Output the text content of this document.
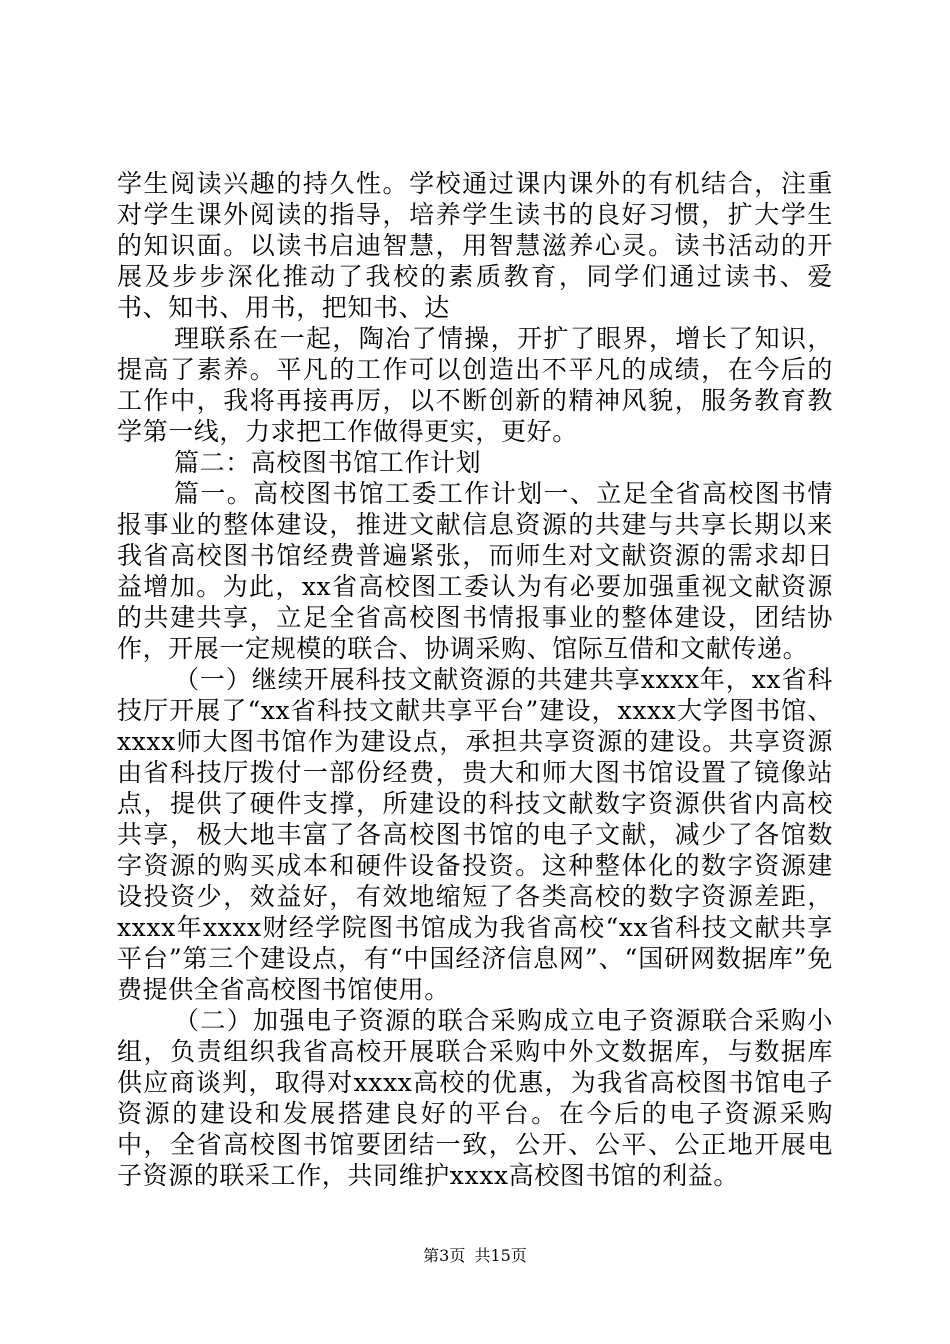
学生阅读兴趣的持久性。学校通过课内课外的有机结合，注重对学生课外阅读的指导，培养学生读书的良好习惯，扩大学生的知识面。以读书启迪智慧，用智慧滋养心灵。读书活动的开展及步步深化推动了我校的素质教育，同学们通过读书、爱书、知书、用书，把知书、达

理联系在一起，陶冶了情操，开扩了眼界，增长了知识，提高了素养。平凡的工作可以创造出不平凡的成绩，在今后的工作中，我将再接再厉，以不断创新的精神风貌，服务教育教学第一线，力求把工作做得更实，更好。

篇二：高校图书馆工作计划

篇一。高校图书馆工委工作计划一、立足全省高校图书情报事业的整体建设，推进文献信息资源的共建与共享长期以来我省高校图书馆经费普遍紧张，而师生对文献资源的需求却日益增加。为此，xx省高校图工委认为有必要加强重视文献资源的共建共享，立足全省高校图书情报事业的整体建设，团结协作，开展一定规模的联合、协调采购、馆际互借和文献传递。

（一）继续开展科技文献资源的共建共享xxxx年，xx省科技厅开展了“xx省科技文献共享平台”建设，xxxx大学图书馆、xxxx师大图书馆作为建设点，承担共享资源的建设。共享资源由省科技厅拨付一部份经费，贵大和师大图书馆设置了镜像站点，提供了硬件支撑，所建设的科技文献数字资源供省内高校共享，极大地丰富了各高校图书馆的电子文献，减少了各馆数字资源的购买成本和硬件设备投资。这种整体化的数字资源建设投资少，效益好，有效地缩短了各类高校的数字资源差距，xxxx年xxxx财经学院图书馆成为我省高校“xx省科技文献共享平台”第三个建设点，有“中国经济信息网”、“国研网数据库”免费提供全省高校图书馆使用。

（二）加强电子资源的联合采购成立电子资源联合采购小组，负责组织我省高校开展联合采购中外文数据库，与数据库供应商谈判，取得对xxxx高校的优惠，为我省高校图书馆电子资源的建设和发展搭建良好的平台。在今后的电子资源采购中，全省高校图书馆要团结一致，公开、公平、公正地开展电子资源的联采工作，共同维护xxxx高校图书馆的利益。

第3页 共15页
